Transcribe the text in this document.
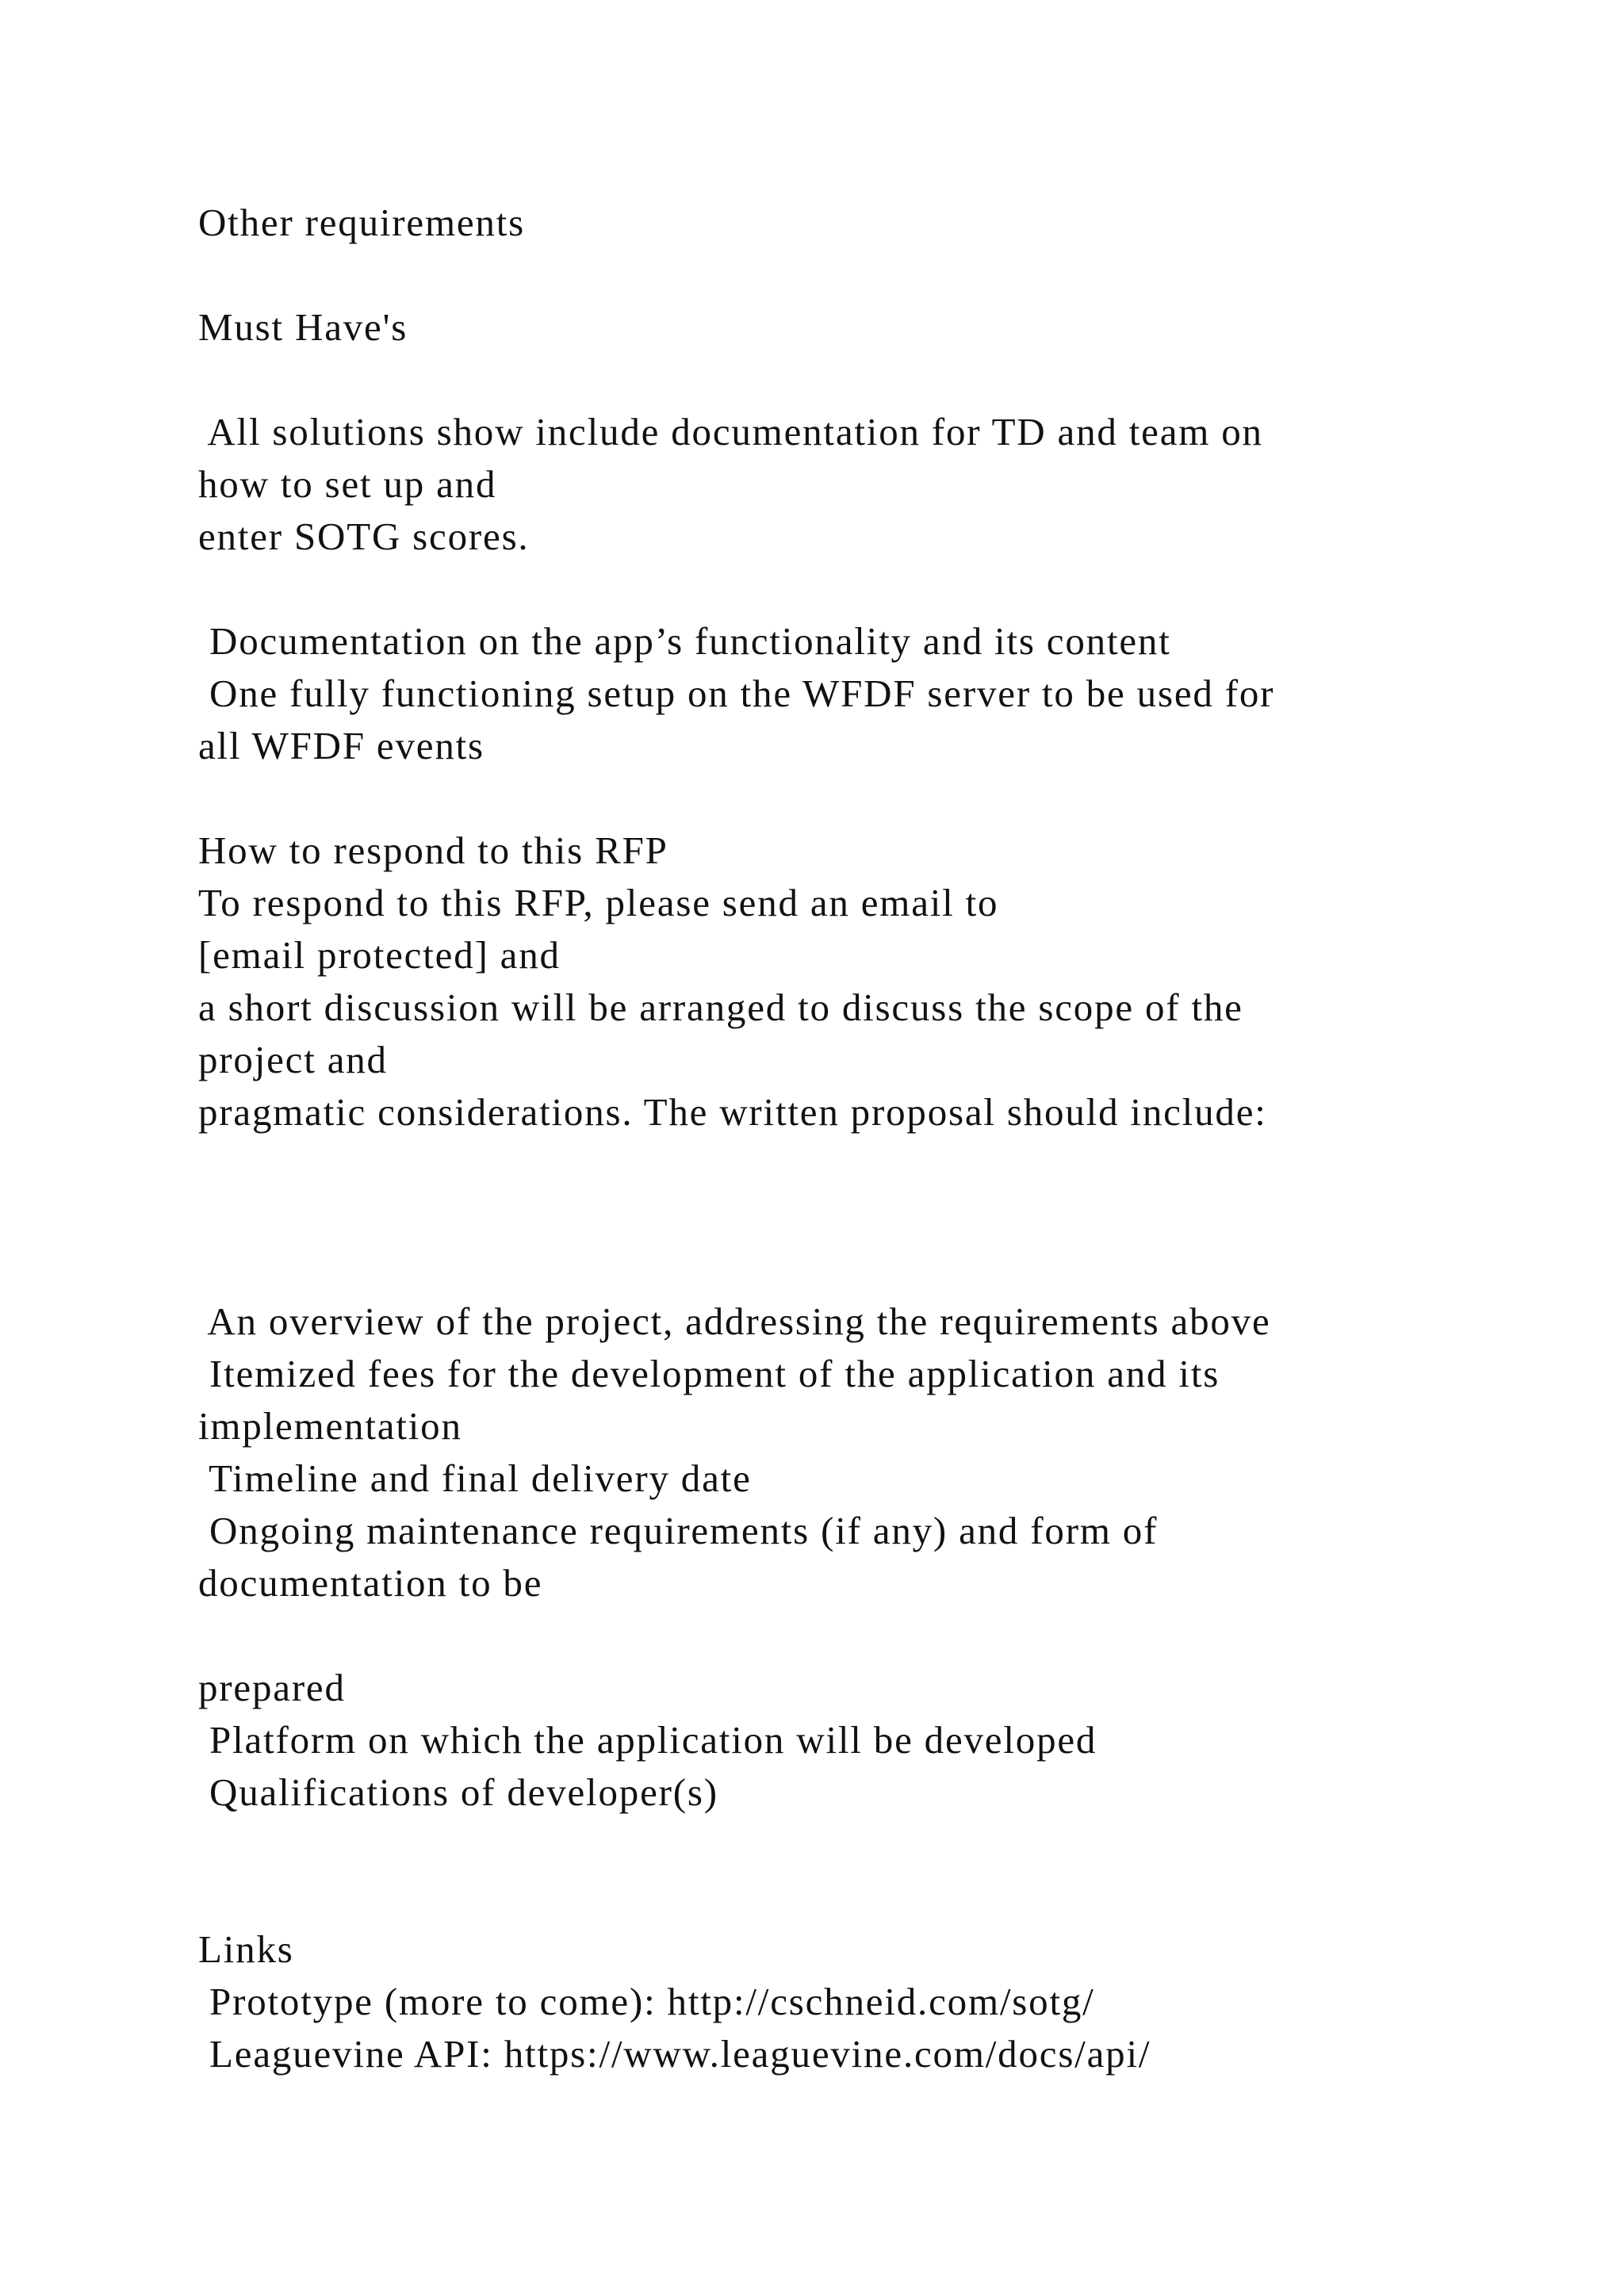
Other requirements
Must Have's
All solutions show include documentation for TD and team on
how to set up and
enter SOTG scores.
Documentation on the app’s functionality and its content
One fully functioning setup on the WFDF server to be used for
all WFDF events
How to respond to this RFP
To respond to this RFP, please send an email to
[email protected] and
a short discussion will be arranged to discuss the scope of the
project and
pragmatic considerations. The written proposal should include:
An overview of the project, addressing the requirements above
Itemized fees for the development of the application and its
implementation
Timeline and final delivery date
Ongoing maintenance requirements (if any) and form of
documentation to be
prepared
Platform on which the application will be developed
Qualifications of developer(s)
Links
Prototype (more to come): http://cschneid.com/sotg/
Leaguevine API: https://www.leaguevine.com/docs/api/
